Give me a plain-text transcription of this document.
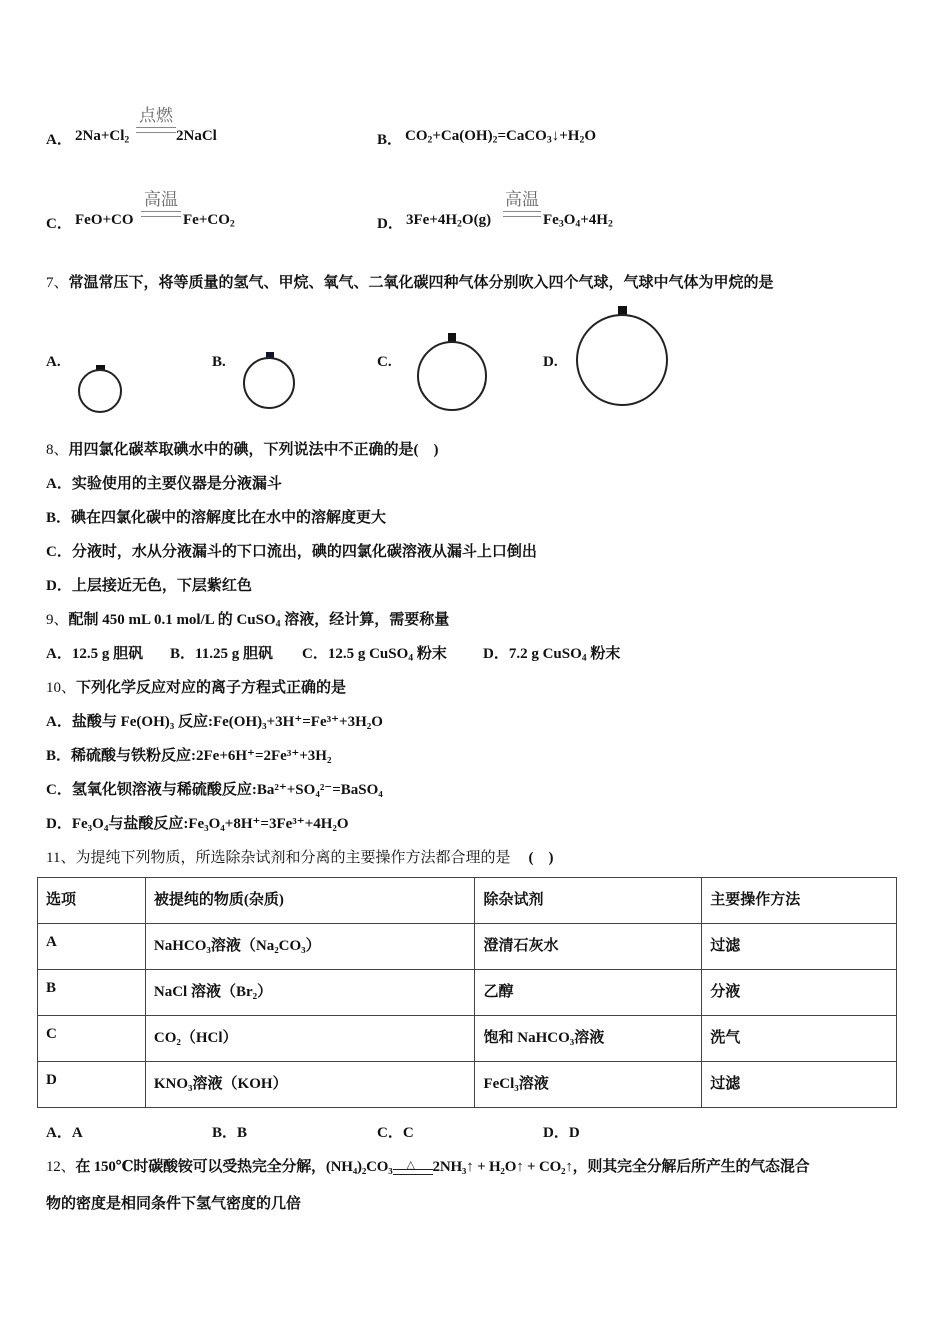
A． $2Na+Cl_2$
点燃
2NaCl	B． $CO_2+Ca(OH)_2=CaCO_3↓+H_2O$
C． FeO+CO
高温
$Fe+CO_2$	D． $3Fe+4H_2O(g)$
高温
$Fe_3O_4+4H_2$
7、常温常压下，将等质量的氢气、甲烷、氧气、二氧化碳四种气体分别吹入四个气球，气球中气体为甲烷的是
A.	B.	C.	D.
8、用四氯化碳萃取碘水中的碘，下列说法中不正确的是(　)
A．实验使用的主要仪器是分液漏斗
B．碘在四氯化碳中的溶解度比在水中的溶解度更大
C．分液时，水从分液漏斗的下口流出，碘的四氯化碳溶液从漏斗上口倒出
D．上层接近无色，下层紫红色
9、配制 450 mL 0.1 mol/L 的 CuSO$_4$ 溶液，经计算，需要称量
A．12.5 g 胆矾 B．11.25 g 胆矾 C．12.5 g CuSO$_4$ 粉末 D．7.2 g CuSO$_4$ 粉末
10、下列化学反应对应的离子方程式正确的是
A．盐酸与 Fe(OH)₃ 反应:Fe(OH)₃+3H⁺=Fe³⁺+3H₂O
B．稀硫酸与铁粉反应:2Fe+6H⁺=2Fe³⁺+3H₂
C．氢氧化钡溶液与稀硫酸反应:Ba²⁺+SO₄²⁻=BaSO₄
D．Fe₃O₄与盐酸反应:Fe₃O₄+8H⁺=3Fe³⁺+4H₂O
11、为提纯下列物质，所选除杂试剂和分离的主要操作方法都合理的是 (　)
选项	被提纯的物质(杂质)	除杂试剂	主要操作方法
A	NaHCO₃溶液（Na₂CO₃）	澄清石灰水	过滤
B	NaCl 溶液（Br₂）	乙醇	分液
C	CO₂（HCl）	饱和 NaHCO₃溶液	洗气
D	KNO₃溶液（KOH）	FeCl₃溶液	过滤
A．A	B．B	C．C	D．D
12、在 150℃时碳酸铵可以受热完全分解，(NH₄)₂CO₃ △ 2NH₃↑ + H₂O↑ + CO₂↑，则其完全分解后所产生的气态混合
物的密度是相同条件下氢气密度的几倍
